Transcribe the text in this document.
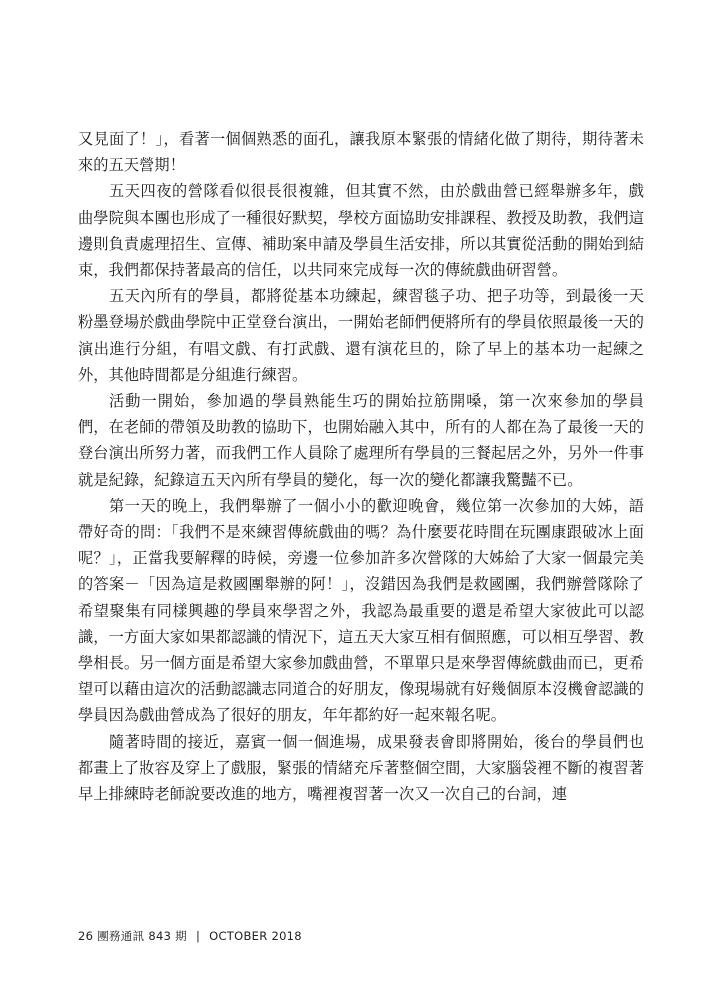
又見面了！」，看著一個個熟悉的面孔，讓我原本緊張的情緒化做了期待，期待著未來的五天營期！

五天四夜的營隊看似很長很複雜，但其實不然，由於戲曲營已經舉辦多年，戲曲學院與本團也形成了一種很好默契，學校方面協助安排課程、教授及助教，我們這邊則負責處理招生、宣傳、補助案申請及學員生活安排，所以其實從活動的開始到結束，我們都保持著最高的信任，以共同來完成每一次的傳統戲曲研習營。

五天內所有的學員，都將從基本功練起，練習毯子功、把子功等，到最後一天粉墨登場於戲曲學院中正堂登台演出，一開始老師們便將所有的學員依照最後一天的演出進行分組，有唱文戲、有打武戲、還有演花旦的，除了早上的基本功一起練之外，其他時間都是分組進行練習。

活動一開始，參加過的學員熟能生巧的開始拉筋開嗓，第一次來參加的學員們，在老師的帶領及助教的協助下，也開始融入其中，所有的人都在為了最後一天的登台演出所努力著，而我們工作人員除了處理所有學員的三餐起居之外，另外一件事就是紀錄，紀錄這五天內所有學員的變化，每一次的變化都讓我驚豔不已。

第一天的晚上，我們舉辦了一個小小的歡迎晚會，幾位第一次參加的大姊，語帶好奇的問：「我們不是來練習傳統戲曲的嗎？為什麼要花時間在玩團康跟破冰上面呢？」，正當我要解釋的時候，旁邊一位參加許多次營隊的大姊給了大家一個最完美的答案－「因為這是救國團舉辦的阿！」，沒錯因為我們是救國團，我們辦營隊除了希望聚集有同樣興趣的學員來學習之外，我認為最重要的還是希望大家彼此可以認識，一方面大家如果都認識的情況下，這五天大家互相有個照應，可以相互學習、教學相長。另一個方面是希望大家參加戲曲營，不單單只是來學習傳統戲曲而已，更希望可以藉由這次的活動認識志同道合的好朋友，像現場就有好幾個原本沒機會認識的學員因為戲曲營成為了很好的朋友，年年都約好一起來報名呢。

隨著時間的接近，嘉賓一個一個進場，成果發表會即將開始，後台的學員們也都畫上了妝容及穿上了戲服，緊張的情緒充斥著整個空間，大家腦袋裡不斷的複習著早上排練時老師說要改進的地方，嘴裡複習著一次又一次自己的台詞，連

26 團務通訊 843 期 | OCTOBER 2018
